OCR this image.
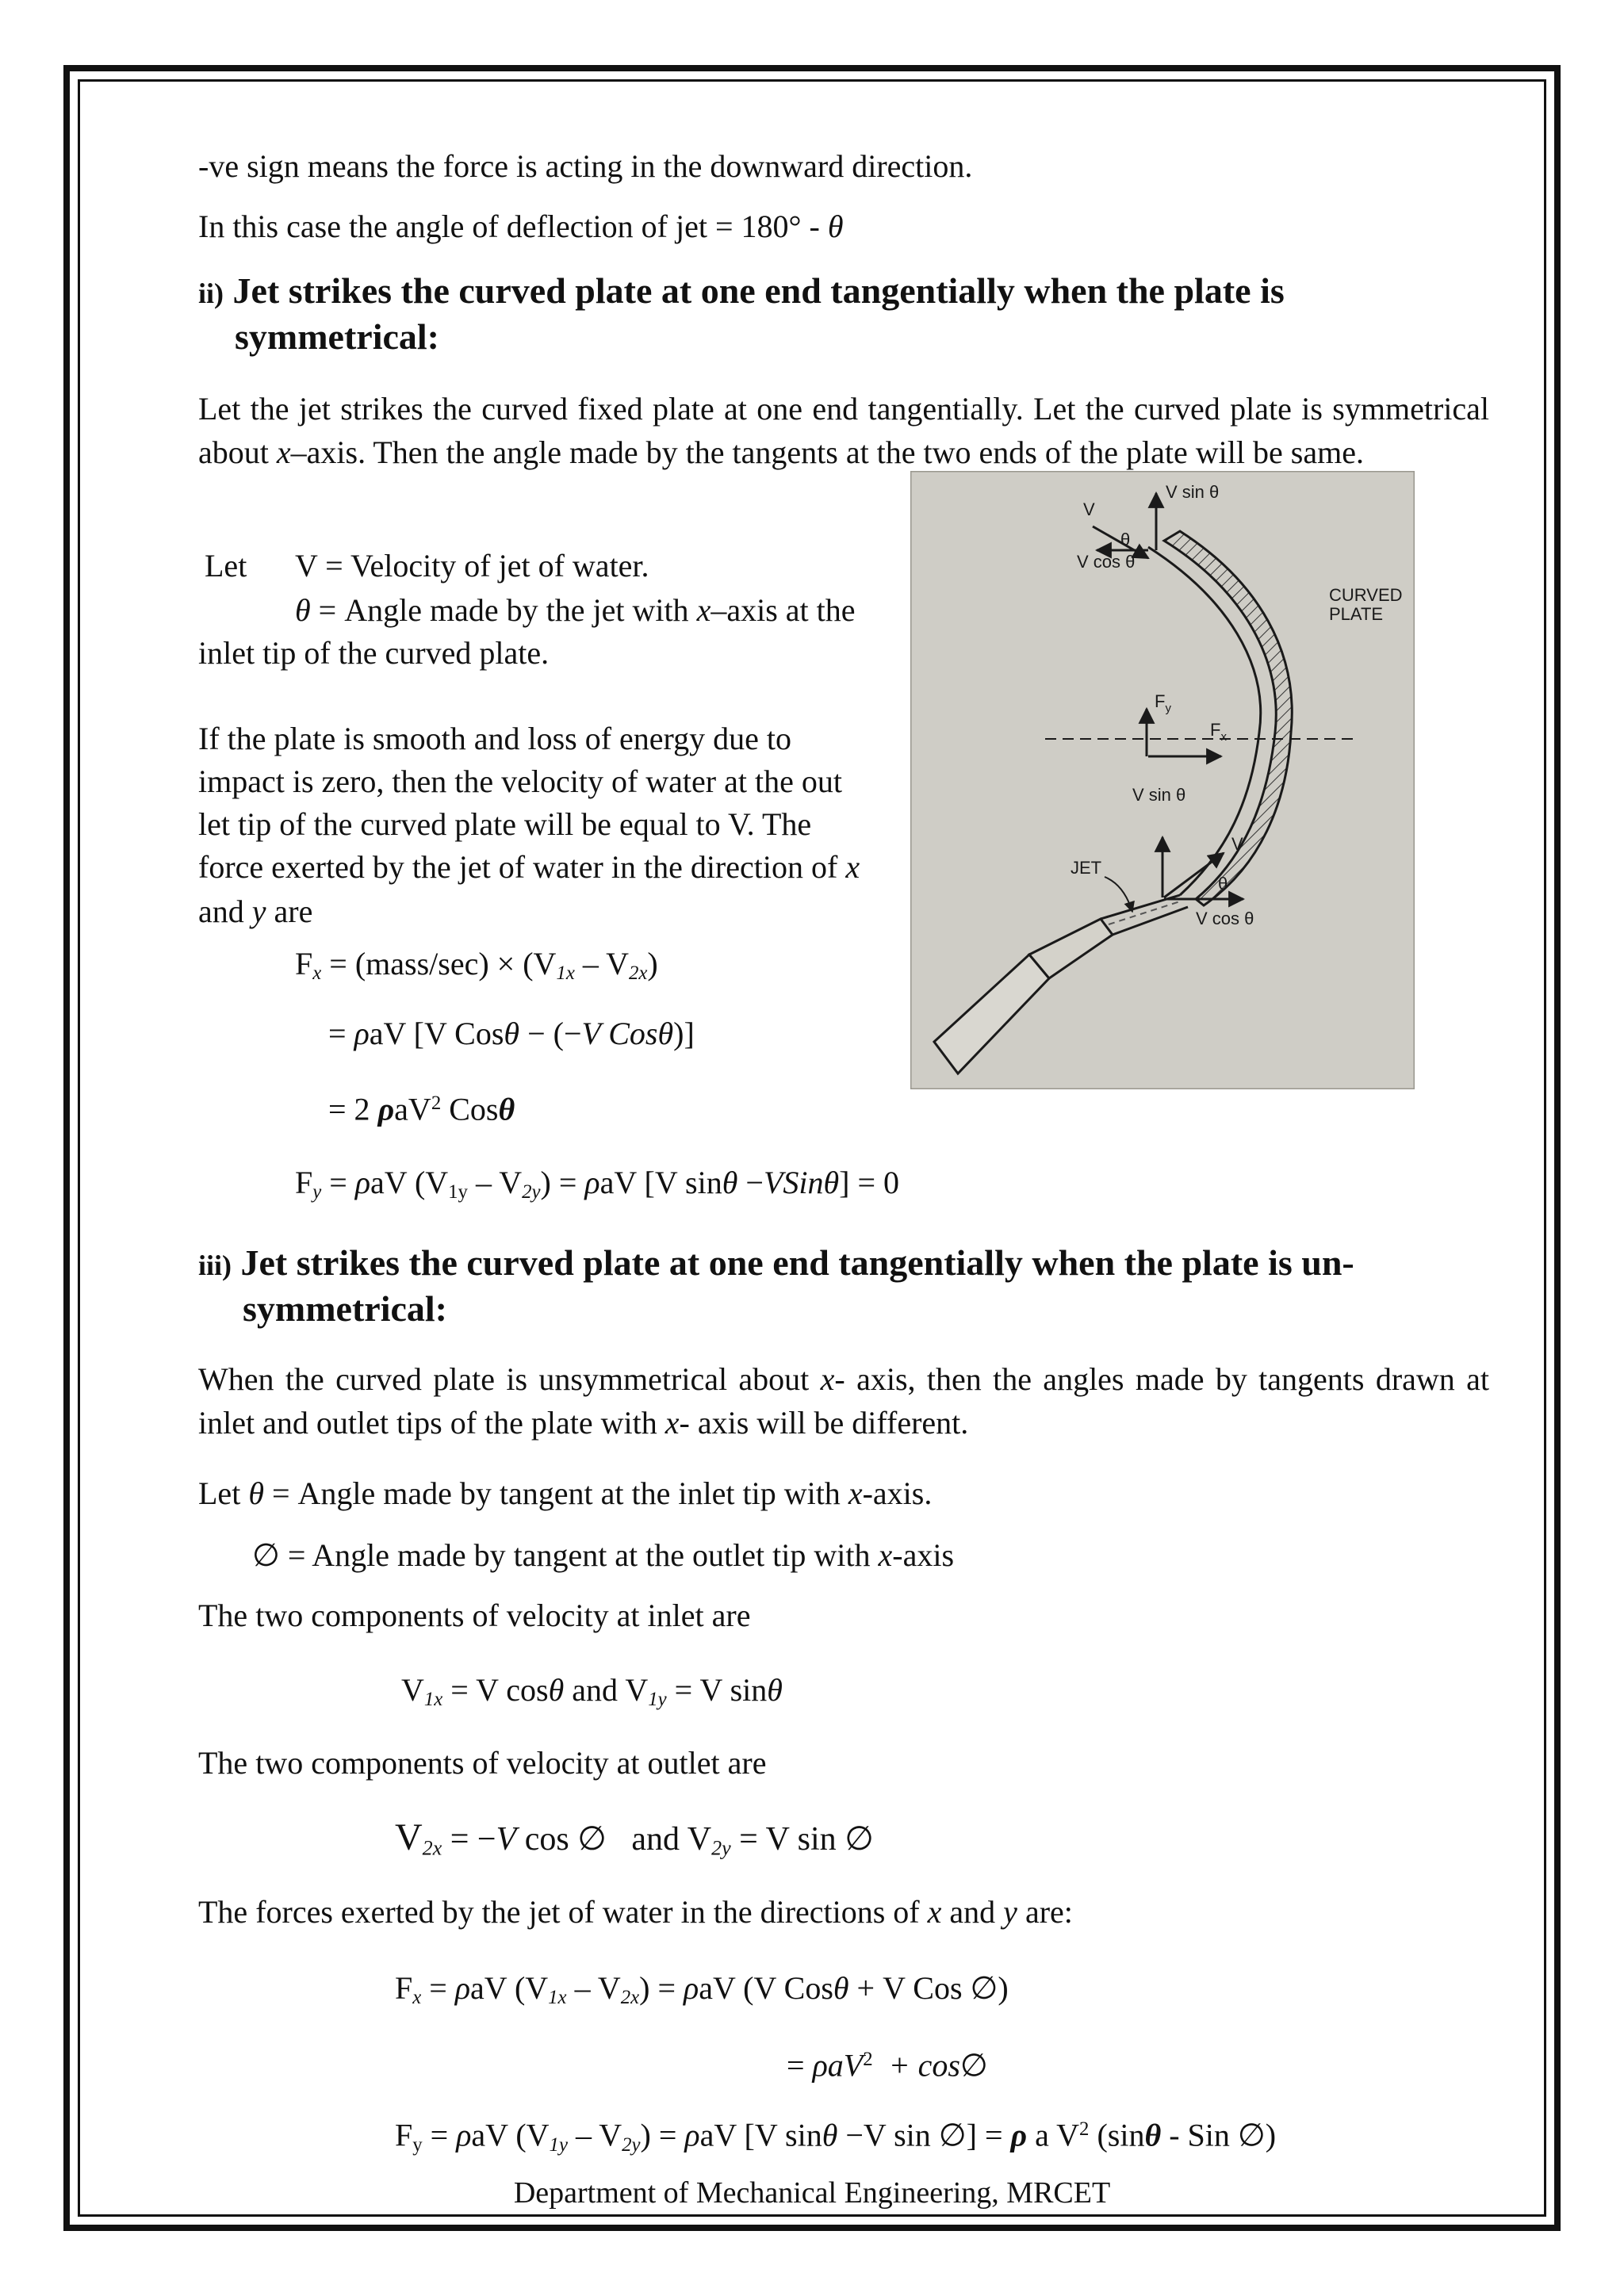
-ve sign means the force is acting in the downward direction.
In this case the angle of deflection of jet = 180° - θ
ii) Jet strikes the curved plate at one end tangentially when the plate is
symmetrical:
Let the jet strikes the curved fixed plate at one end tangentially. Let the curved plate is symmetrical about x–axis. Then the angle made by the tangents at the two ends of the plate will be same.
Let V = Velocity of jet of water.
θ = Angle made by the jet with x–axis at the
inlet tip of the curved plate.
If the plate is smooth and loss of energy due to
impact is zero, then the velocity of water at the out
let tip of the curved plate will be equal to V. The
force exerted by the jet of water in the direction of x
and y are
$F_x$ = (mass/sec) × $(V_{1x} - V_{2x})$
= ρaV [V Cosθ − (−V Cosθ)]
= 2 ρaV$^2$ Cosθ
$F_y = \rho aV$ $(V_{1y} - V_{2y}) = \rho aV$ [V sinθ −VSinθ] = 0
V
V sin θ
θ
V cos θ
CURVED
PLATE
$F_y$
$F_x$
V sin θ
V
θ
V cos θ
JET
iii) Jet strikes the curved plate at one end tangentially when the plate is un-
symmetrical:
When the curved plate is unsymmetrical about x- axis, then the angles made by tangents drawn at inlet and outlet tips of the plate with x- axis will be different.
Let θ = Angle made by tangent at the inlet tip with x-axis.
∅ = Angle made by tangent at the outlet tip with x-axis
The two components of velocity at inlet are
$V_{1x} = V$ cosθ and $V_{1y} = V$ sinθ
The two components of velocity at outlet are
$V_{2x} = -V$ cos ∅   and $V_{2y} = V$ sin ∅
The forces exerted by the jet of water in the directions of x and y are:
$F_x = \rho aV$ $(V_{1x} - V_{2x}) = \rho aV$ (V Cosθ + V Cos ∅)
= ρaV$^2$  + cos∅
$F_y = \rho aV$ $(V_{1y} - V_{2y}) = \rho aV$ [V sinθ −V sin ∅] = ρ a $V^2$ (sinθ - Sin ∅)
Department of Mechanical Engineering, MRCET
